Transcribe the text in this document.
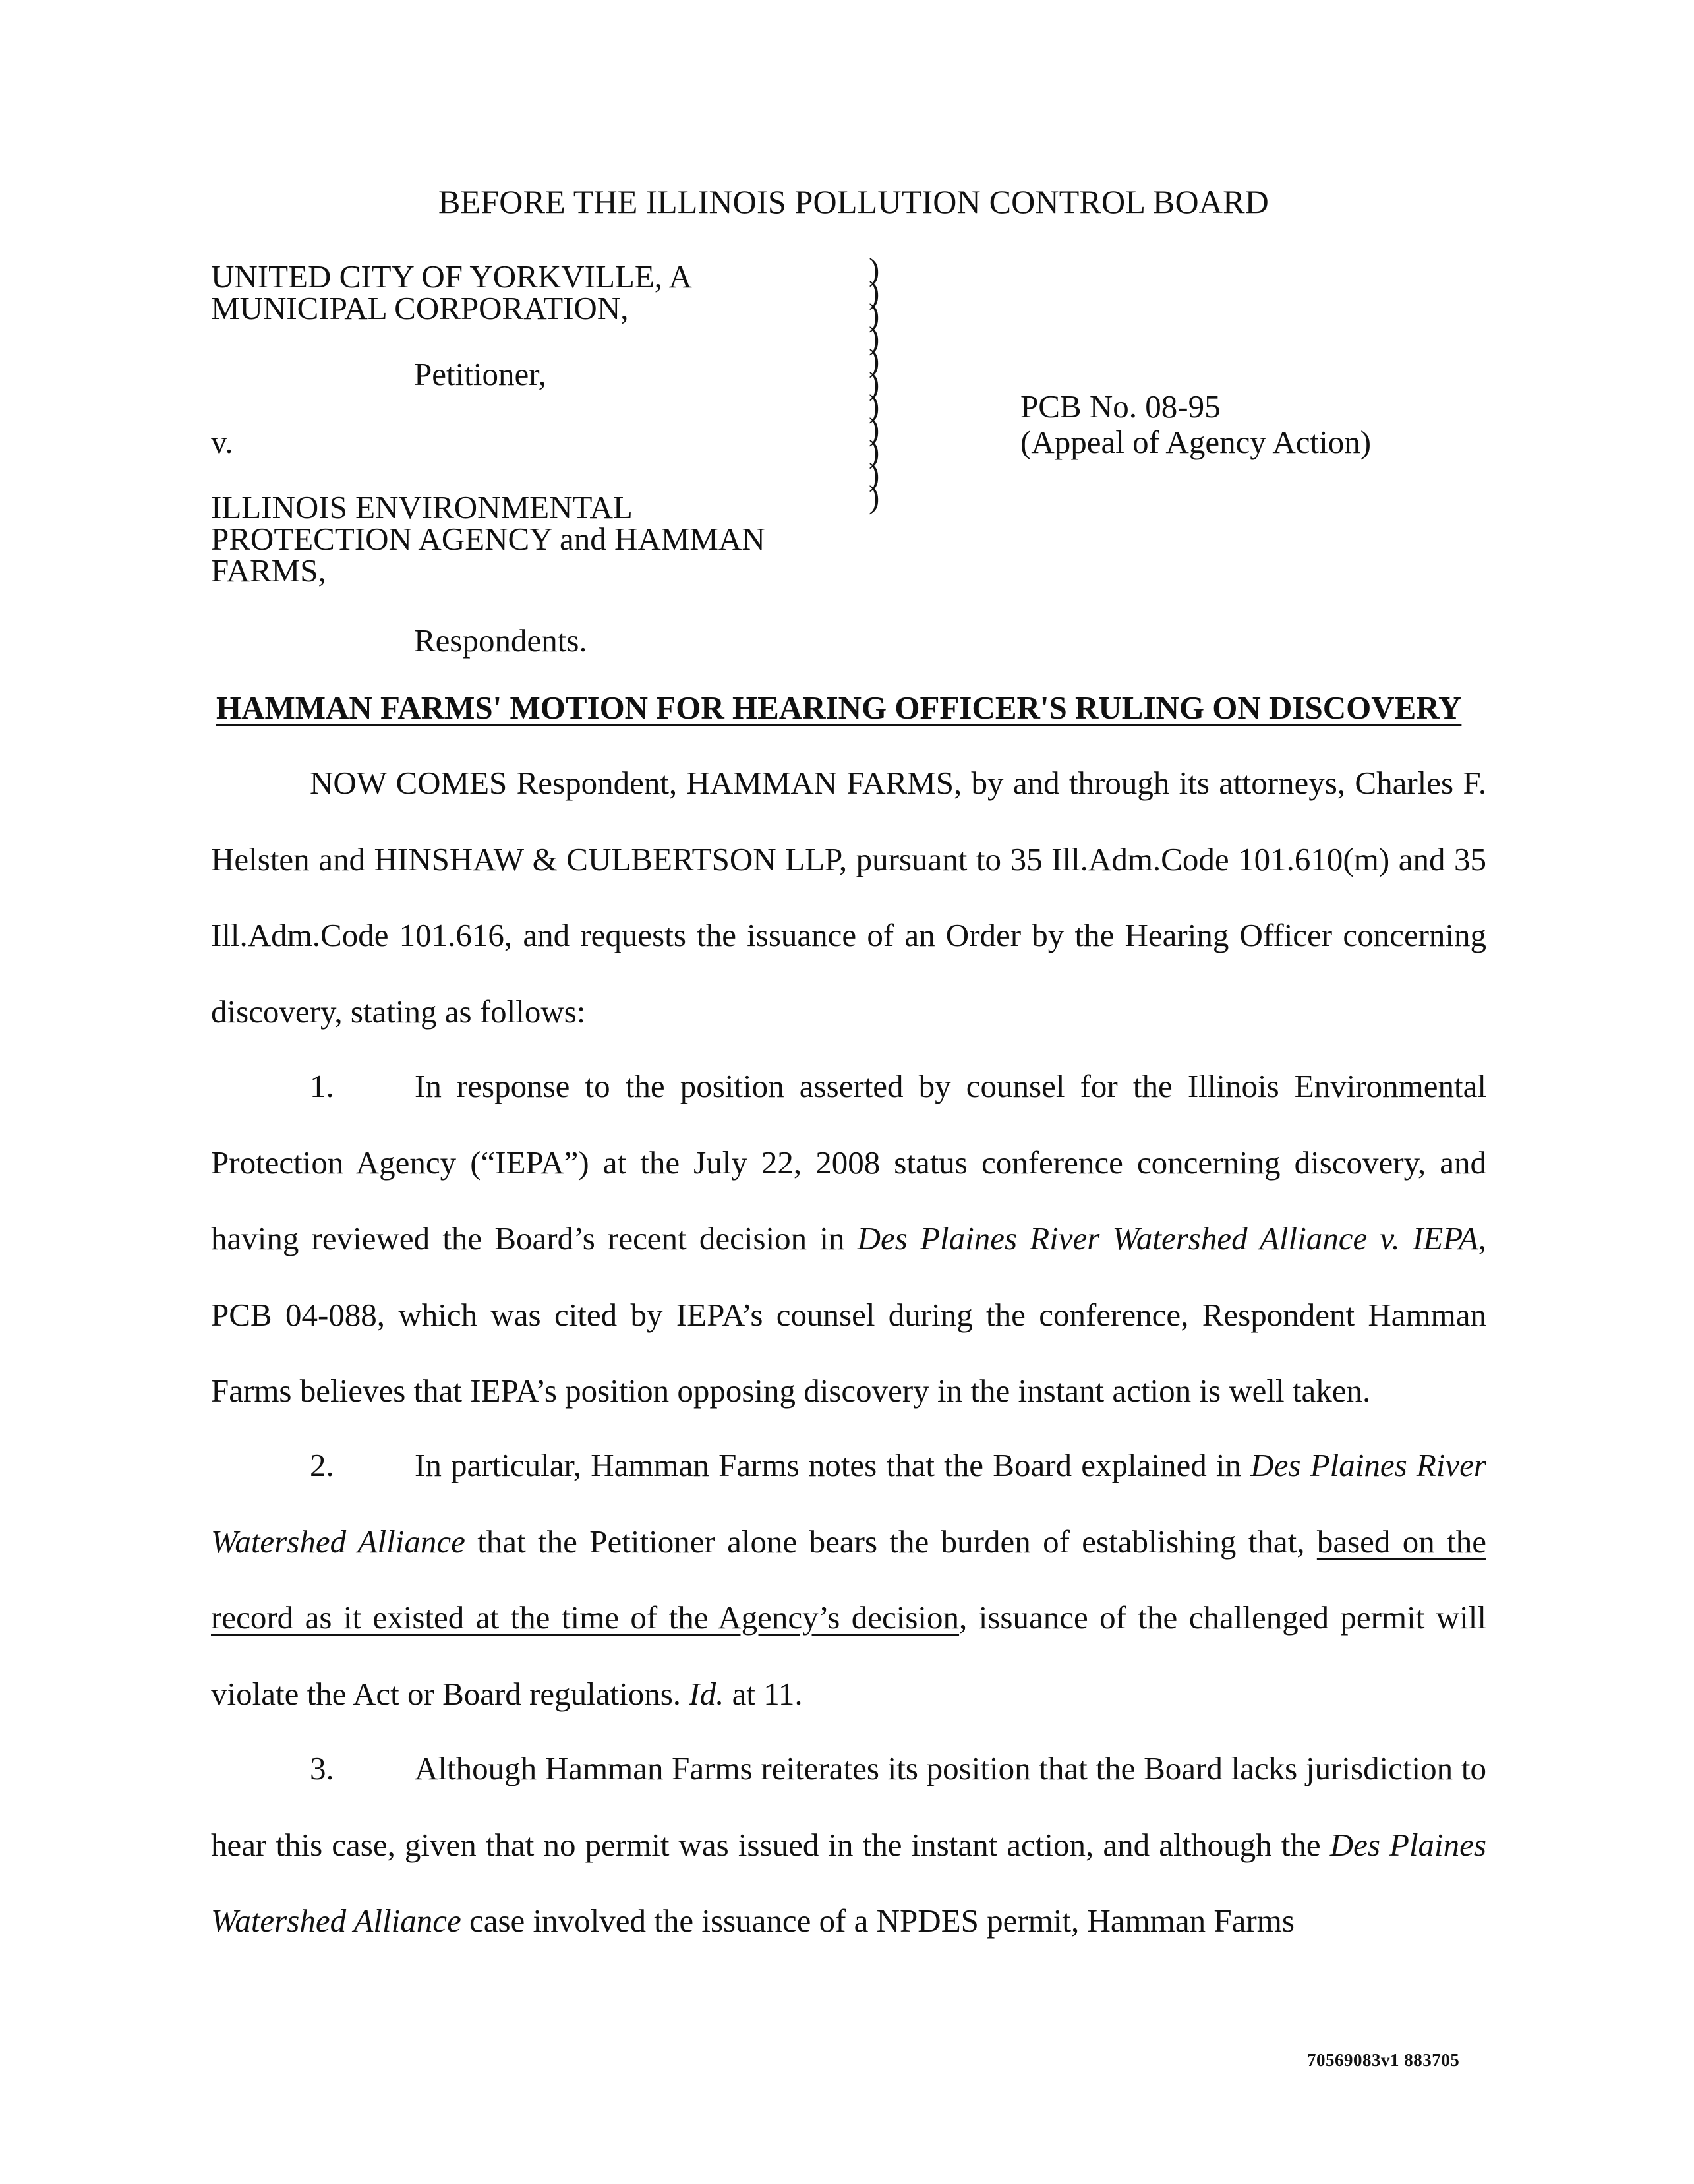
BEFORE THE ILLINOIS POLLUTION CONTROL BOARD
UNITED CITY OF YORKVILLE, A
MUNICIPAL CORPORATION,
Petitioner,
v.
ILLINOIS ENVIRONMENTAL
PROTECTION AGENCY and HAMMAN
FARMS,
Respondents.
)
)
)
)
)
)
)
)
)
)
)
PCB No. 08-95
(Appeal of Agency Action)
HAMMAN FARMS' MOTION FOR HEARING OFFICER'S RULING ON DISCOVERY
NOW COMES Respondent, HAMMAN FARMS, by and through its attorneys, Charles F. Helsten and HINSHAW & CULBERTSON LLP, pursuant to 35 Ill.Adm.Code 101.610(m) and 35 Ill.Adm.Code 101.616, and requests the issuance of an Order by the Hearing Officer concerning discovery, stating as follows:
1. In response to the position asserted by counsel for the Illinois Environmental Protection Agency (“IEPA”) at the July 22, 2008 status conference concerning discovery, and having reviewed the Board’s recent decision in Des Plaines River Watershed Alliance v. IEPA, PCB 04-088, which was cited by IEPA’s counsel during the conference, Respondent Hamman Farms believes that IEPA’s position opposing discovery in the instant action is well taken.
2. In particular, Hamman Farms notes that the Board explained in Des Plaines River Watershed Alliance that the Petitioner alone bears the burden of establishing that, based on the record as it existed at the time of the Agency’s decision, issuance of the challenged permit will violate the Act or Board regulations. Id. at 11.
3. Although Hamman Farms reiterates its position that the Board lacks jurisdiction to hear this case, given that no permit was issued in the instant action, and although the Des Plaines Watershed Alliance case involved the issuance of a NPDES permit, Hamman Farms
70569083v1 883705
